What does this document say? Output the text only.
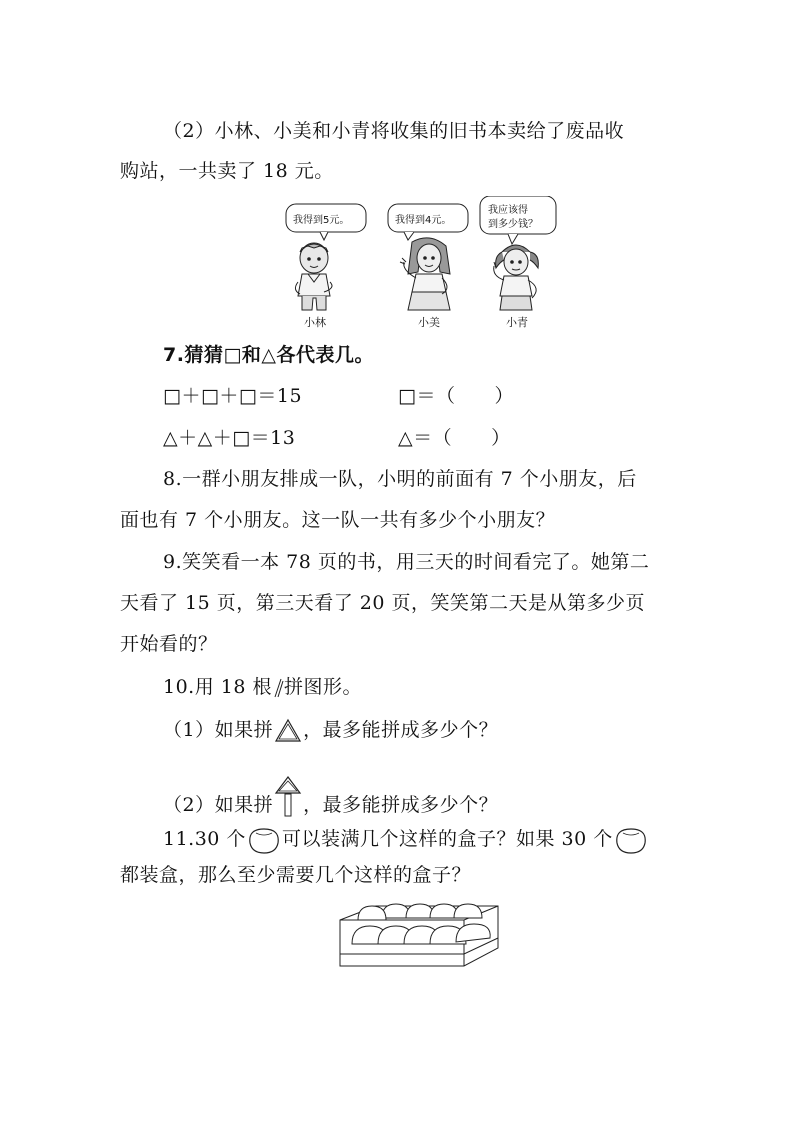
（2）小林、小美和小青将收集的旧书本卖给了废品收
购站，一共卖了 18 元。
我得到5元。	我得到4元。
我应该得
到多少钱？
小林	小美	小青
7.猜猜□和△各代表几。
□＋□＋□＝15	□＝（　　）
△＋△＋□＝13	△＝（　　）
8.一群小朋友排成一队，小明的前面有 7 个小朋友，后
面也有 7 个小朋友。这一队一共有多少个小朋友？
9.笑笑看一本 78 页的书，用三天的时间看完了。她第二
天看了 15 页，第三天看了 20 页，笑笑第二天是从第多少页
开始看的？
10.用 18 根 拼图形。
（1）如果拼 ，最多能拼成多少个？
（2）如果拼 ，最多能拼成多少个？
11.30 个 可以装满几个这样的盒子？如果 30 个
都装盒，那么至少需要几个这样的盒子？
